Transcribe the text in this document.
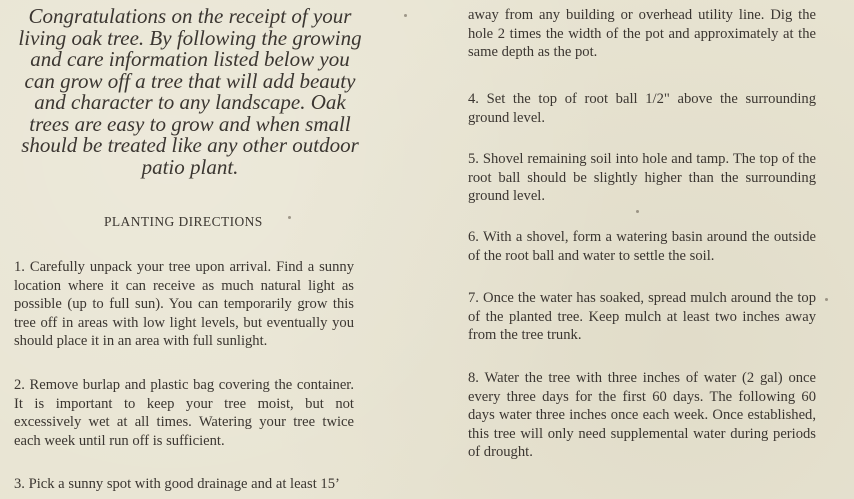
Congratulations on the receipt of your living oak tree. By following the growing and care information listed below you can grow off a tree that will add beauty and character to any landscape. Oak trees are easy to grow and when small should be treated like any other outdoor patio plant.

PLANTING DIRECTIONS

1. Carefully unpack your tree upon arrival. Find a sunny location where it can receive as much natural light as possible (up to full sun). You can temporarily grow this tree off in areas with low light levels, but eventually you should place it in an area with full sunlight.

2. Remove burlap and plastic bag covering the container. It is important to keep your tree moist, but not excessively wet at all times. Watering your tree twice each week until run off is sufficient.

3. Pick a sunny spot with good drainage and at least 15’

away from any building or overhead utility line. Dig the hole 2 times the width of the pot and approximately at the same depth as the pot.

4. Set the top of root ball 1/2" above the surrounding ground level.

5. Shovel remaining soil into hole and tamp. The top of the root ball should be slightly higher than the surrounding ground level.

6. With a shovel, form a watering basin around the outside of the root ball and water to settle the soil.

7. Once the water has soaked, spread mulch around the top of the planted tree. Keep mulch at least two inches away from the tree trunk.

8. Water the tree with three inches of water (2 gal) once every three days for the first 60 days. The following 60 days water three inches once each week. Once established, this tree will only need supplemental water during periods of drought.
